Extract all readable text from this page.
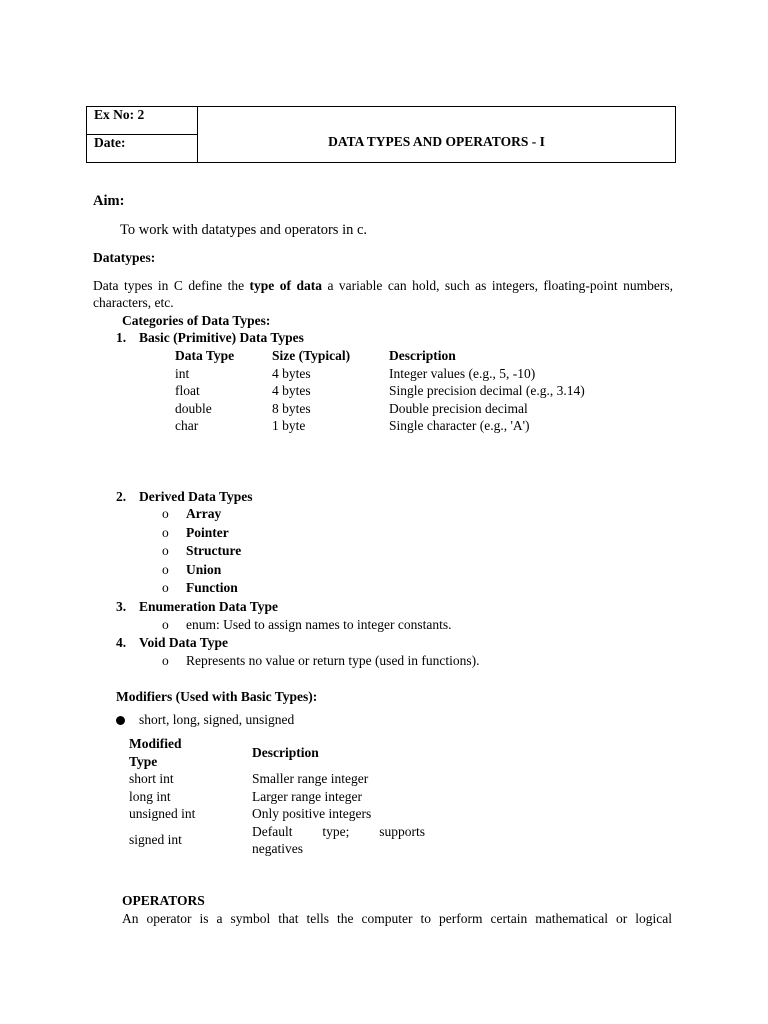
Ex No: 2
Date:	DATA TYPES AND OPERATORS - I
Aim:
To work with datatypes and operators in c.
Datatypes:
Data types in C define the type of data a variable can hold, such as integers, floating-point numbers, characters, etc.
Categories of Data Types:
1. Basic (Primitive) Data Types
Data Type	Size (Typical)	Description
int	4 bytes	Integer values (e.g., 5, -10)
float	4 bytes	Single precision decimal (e.g., 3.14)
double	8 bytes	Double precision decimal
char	1 byte	Single character (e.g., 'A')
2. Derived Data Types
o
Array
o
Pointer
o
Structure
o
Union
o
Function
3. Enumeration Data Type
o
enum: Used to assign names to integer constants.
4. Void Data Type
o
Represents no value or return type (used in functions).
Modifiers (Used with Basic Types):
short, long, signed, unsigned
Modified Type	Description
short int	Smaller range integer
long int	Larger range integer
unsigned int	Only positive integers
signed int	Default type; supports negatives
OPERATORS
An operator is a symbol that tells the computer to perform certain mathematical or logical
